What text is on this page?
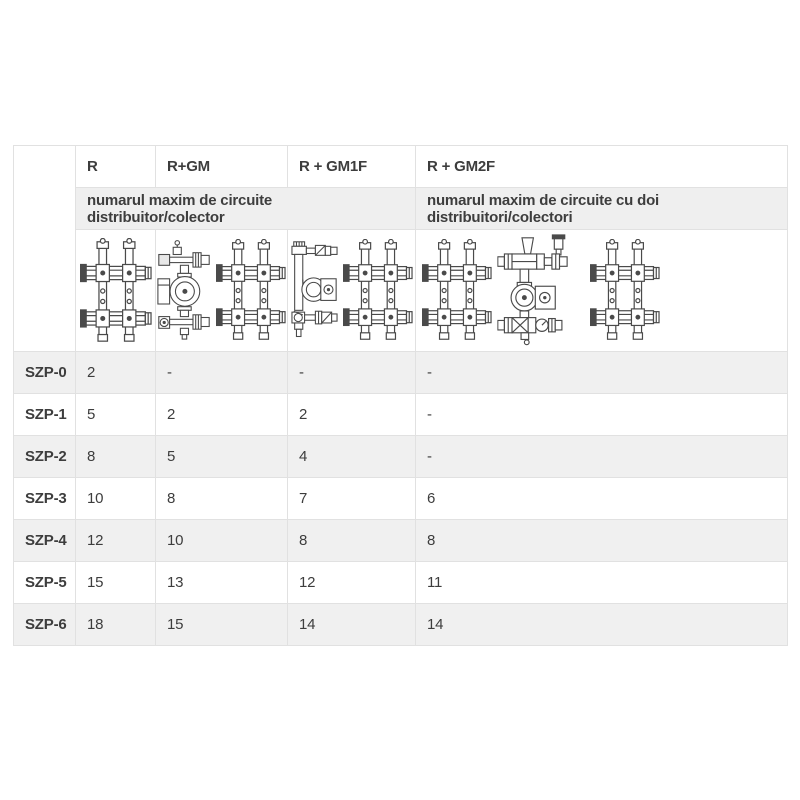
	R	R+GM	R + GM1F	R + GM2F
	numarul maxim de circuite distribuitor/colector			numarul maxim de circuite cu doi distribuitori/colectori

SZP-0	2	-	-	-
SZP-1	5	2	2	-
SZP-2	8	5	4	-
SZP-3	10	8	7	6
SZP-4	12	10	8	8
SZP-5	15	13	12	11
SZP-6	18	15	14	14
